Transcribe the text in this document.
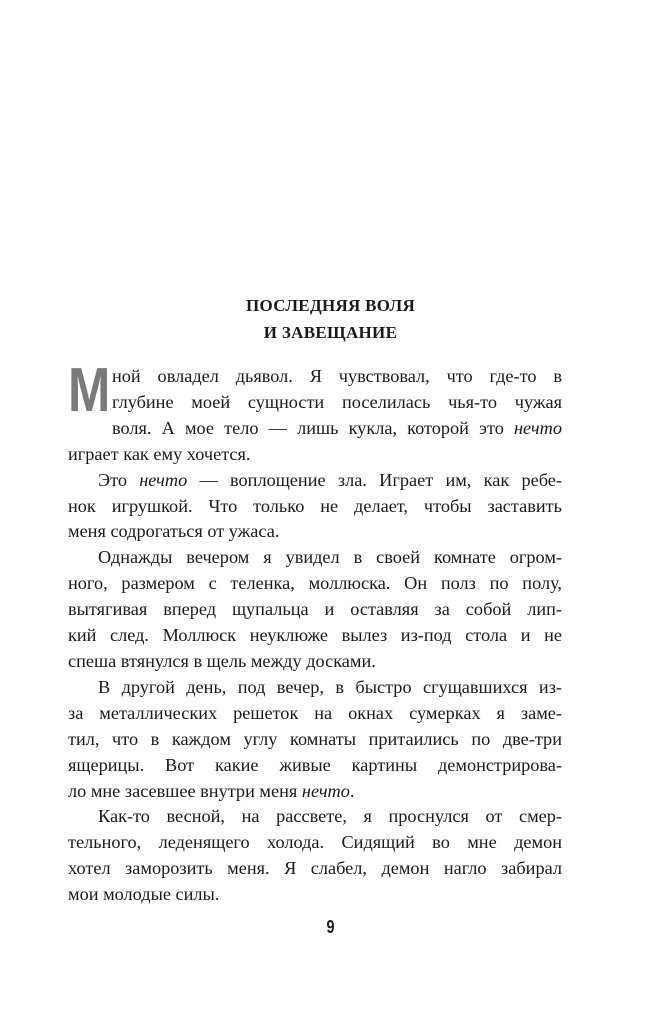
ПОСЛЕДНЯЯ ВОЛЯ
И ЗАВЕЩАНИЕ
М ной овладел дьявол. Я чувствовал, что где-то в
глубине моей сущности поселилась чья-то чужая
воля. А мое тело — лишь кукла, которой это нечто
играет как ему хочется.
Это нечто — воплощение зла. Играет им, как ребе-
нок игрушкой. Что только не делает, чтобы заставить
меня содрогаться от ужаса.
Однажды вечером я увидел в своей комнате огром-
ного, размером с теленка, моллюска. Он полз по полу,
вытягивая вперед щупальца и оставляя за собой лип-
кий след. Моллюск неуклюже вылез из-под стола и не
спеша втянулся в щель между досками.
В другой день, под вечер, в быстро сгущавшихся из-
за металлических решеток на окнах сумерках я заме-
тил, что в каждом углу комнаты притаились по две-три
ящерицы. Вот какие живые картины демонстрирова-
ло мне засевшее внутри меня нечто.
Как-то весной, на рассвете, я проснулся от смер-
тельного, леденящего холода. Сидящий во мне демон
хотел заморозить меня. Я слабел, демон нагло забирал
мои молодые силы.
9
